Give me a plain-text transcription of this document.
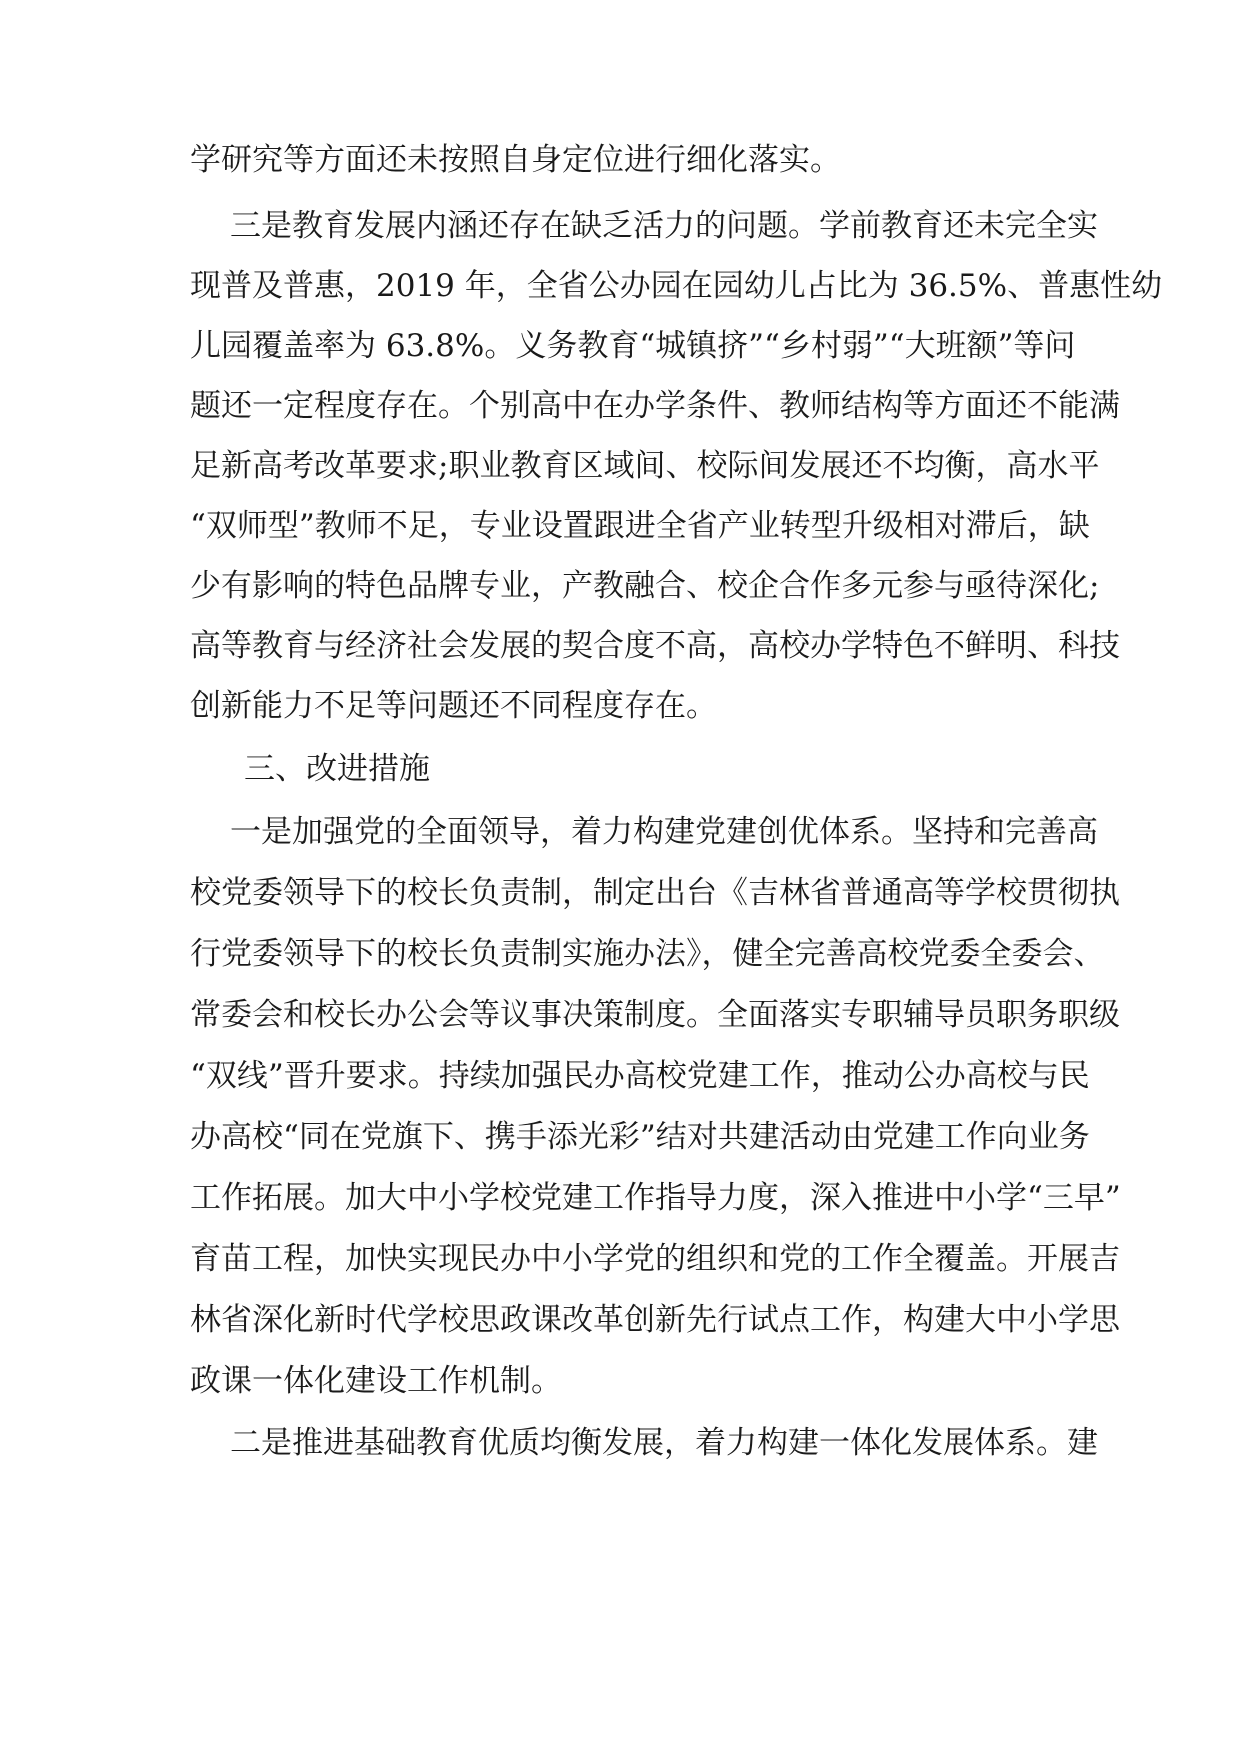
学研究等方面还未按照自身定位进行细化落实。
三是教育发展内涵还存在缺乏活力的问题。学前教育还未完全实
现普及普惠，2019 年，全省公办园在园幼儿占比为 36.5%、普惠性幼
儿园覆盖率为 63.8%。义务教育“城镇挤”“乡村弱”“大班额”等问
题还一定程度存在。个别高中在办学条件、教师结构等方面还不能满
足新高考改革要求;职业教育区域间、校际间发展还不均衡，高水平
“双师型”教师不足，专业设置跟进全省产业转型升级相对滞后，缺
少有影响的特色品牌专业，产教融合、校企合作多元参与亟待深化;
高等教育与经济社会发展的契合度不高，高校办学特色不鲜明、科技
创新能力不足等问题还不同程度存在。
三、改进措施
一是加强党的全面领导，着力构建党建创优体系。坚持和完善高
校党委领导下的校长负责制，制定出台《吉林省普通高等学校贯彻执
行党委领导下的校长负责制实施办法》，健全完善高校党委全委会、
常委会和校长办公会等议事决策制度。全面落实专职辅导员职务职级
“双线”晋升要求。持续加强民办高校党建工作，推动公办高校与民
办高校“同在党旗下、携手添光彩”结对共建活动由党建工作向业务
工作拓展。加大中小学校党建工作指导力度，深入推进中小学“三早”
育苗工程，加快实现民办中小学党的组织和党的工作全覆盖。开展吉
林省深化新时代学校思政课改革创新先行试点工作，构建大中小学思
政课一体化建设工作机制。
二是推进基础教育优质均衡发展，着力构建一体化发展体系。建
